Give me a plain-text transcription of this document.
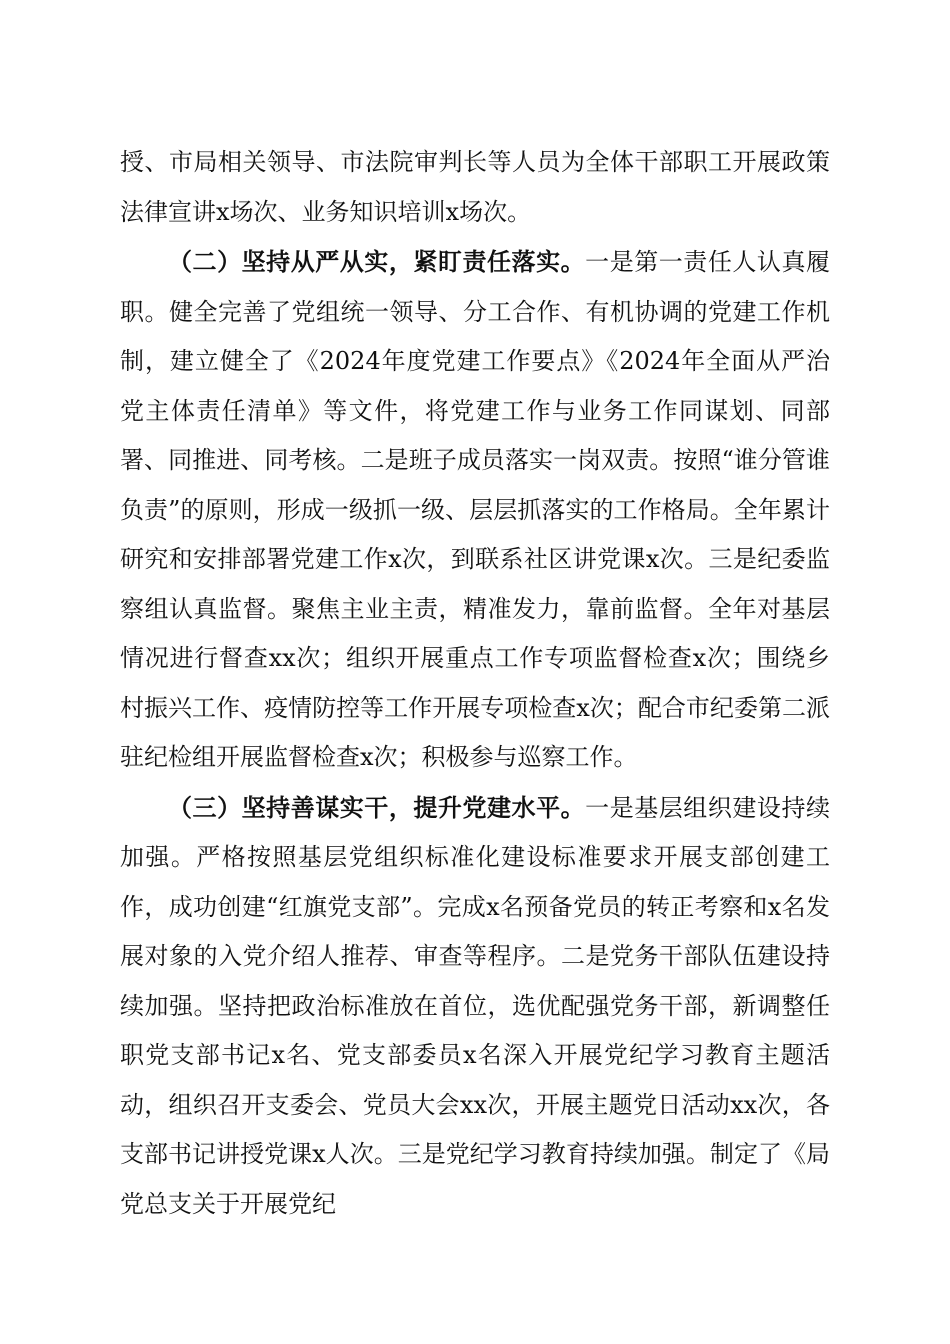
授、市局相关领导、市法院审判长等人员为全体干部职工开展政策法律宣讲x场次、业务知识培训x场次。

（二）坚持从严从实，紧盯责任落实。一是第一责任人认真履职。健全完善了党组统一领导、分工合作、有机协调的党建工作机制，建立健全了《2024年度党建工作要点》《2024年全面从严治党主体责任清单》等文件，将党建工作与业务工作同谋划、同部署、同推进、同考核。二是班子成员落实一岗双责。按照“谁分管谁负责”的原则，形成一级抓一级、层层抓落实的工作格局。全年累计研究和安排部署党建工作x次，到联系社区讲党课x次。三是纪委监察组认真监督。聚焦主业主责，精准发力，靠前监督。全年对基层情况进行督查xx次；组织开展重点工作专项监督检查x次；围绕乡村振兴工作、疫情防控等工作开展专项检查x次；配合市纪委第二派驻纪检组开展监督检查x次；积极参与巡察工作。

（三）坚持善谋实干，提升党建水平。一是基层组织建设持续加强。严格按照基层党组织标准化建设标准要求开展支部创建工作，成功创建“红旗党支部”。完成x名预备党员的转正考察和x名发展对象的入党介绍人推荐、审查等程序。二是党务干部队伍建设持续加强。坚持把政治标准放在首位，选优配强党务干部，新调整任职党支部书记x名、党支部委员x名深入开展党纪学习教育主题活动，组织召开支委会、党员大会xx次，开展主题党日活动xx次，各支部书记讲授党课x人次。三是党纪学习教育持续加强。制定了《局党总支关于开展党纪
